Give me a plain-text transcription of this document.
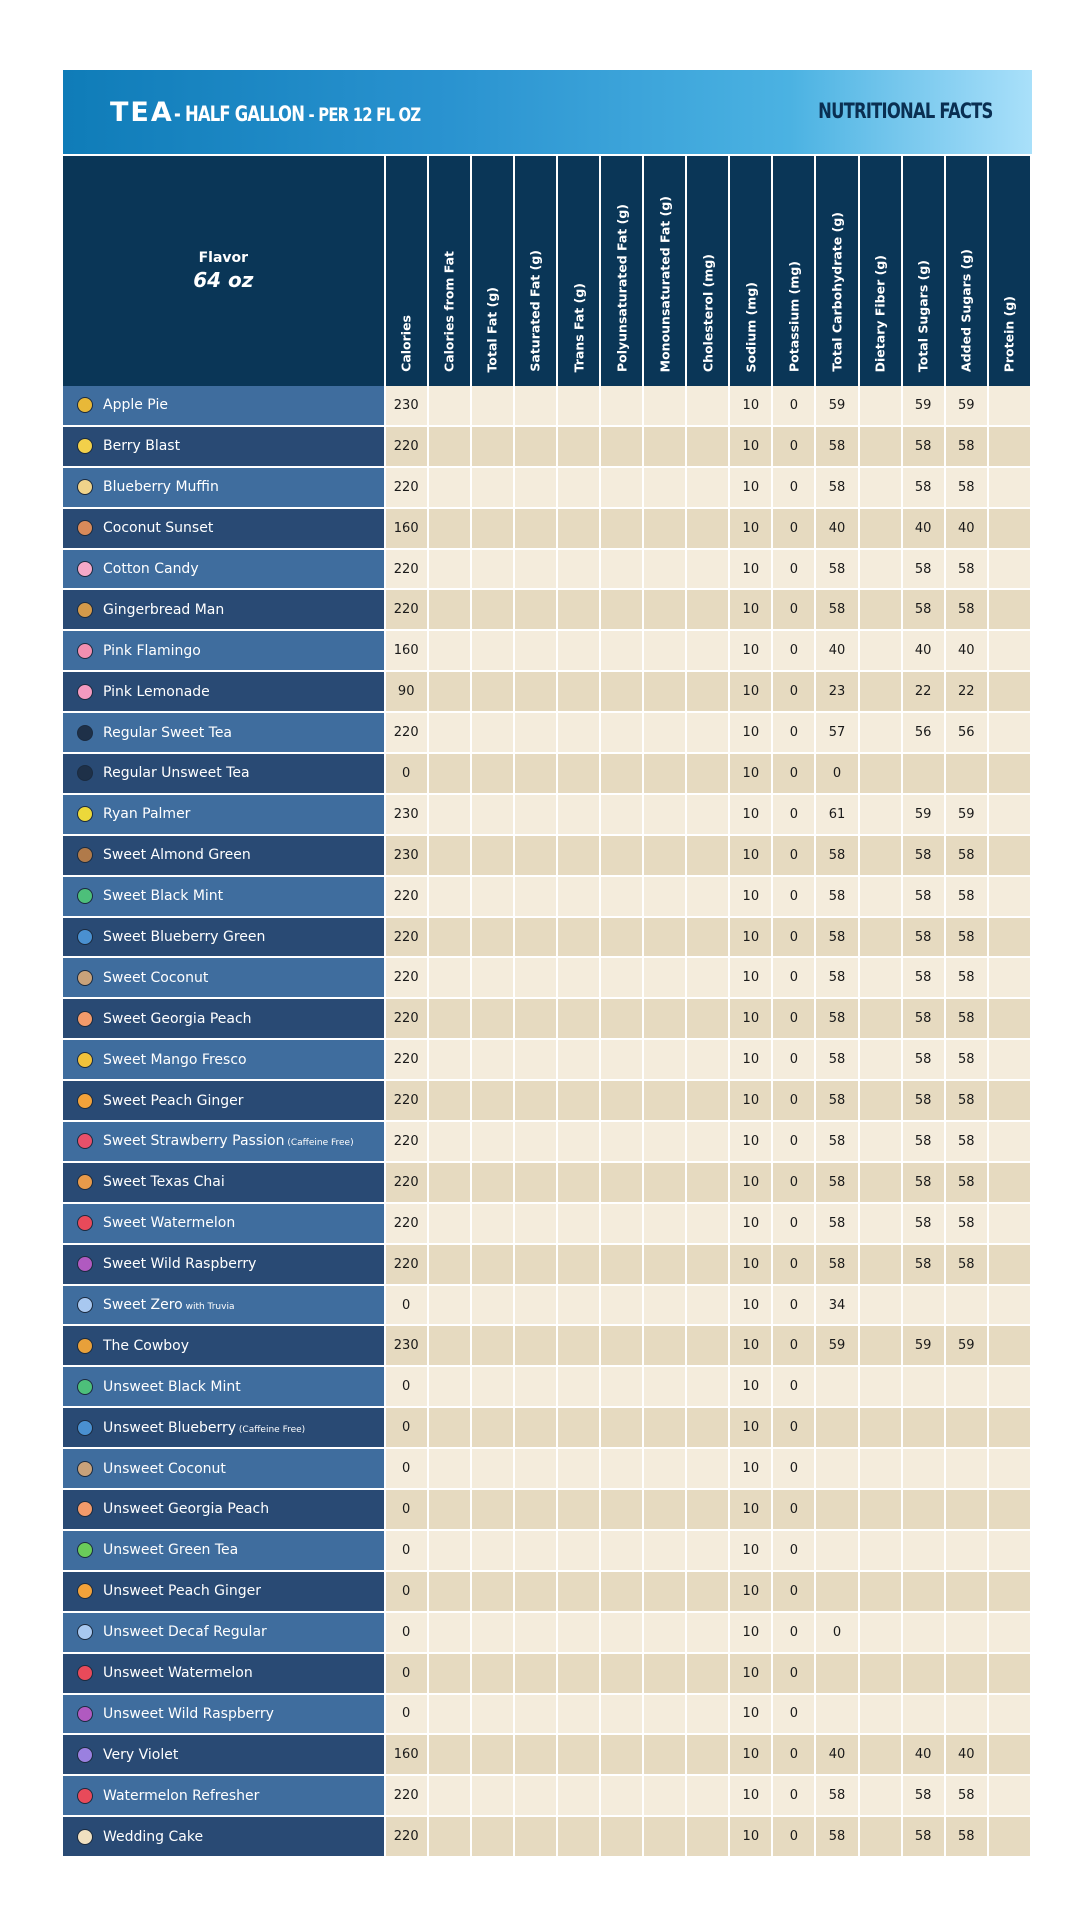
TEA- HALF GALLON - PER 12 FL OZ	NUTRITIONAL FACTS
Flavor
64 oz	Calories	Calories from Fat	Total Fat (g)	Saturated Fat (g)	Trans Fat (g)	Polyunsaturated Fat (g)	Monounsaturated Fat (g)	Cholesterol (mg)	Sodium (mg)	Potassium (mg)	Total Carbohydrate (g)	Dietary Fiber (g)	Total Sugars (g)	Added Sugars (g)	Protein (g)

Apple Pie	230								10	0	59		59	59	
Berry Blast	220								10	0	58		58	58	
Blueberry Muffin	220								10	0	58		58	58	
Coconut Sunset	160								10	0	40		40	40	
Cotton Candy	220								10	0	58		58	58	
Gingerbread Man	220								10	0	58		58	58	
Pink Flamingo	160								10	0	40		40	40	
Pink Lemonade	90								10	0	23		22	22	
Regular Sweet Tea	220								10	0	57		56	56	
Regular Unsweet Tea	0								10	0	0				
Ryan Palmer	230								10	0	61		59	59	
Sweet Almond Green	230								10	0	58		58	58	
Sweet Black Mint	220								10	0	58		58	58	
Sweet Blueberry Green	220								10	0	58		58	58	
Sweet Coconut	220								10	0	58		58	58	
Sweet Georgia Peach	220								10	0	58		58	58	
Sweet Mango Fresco	220								10	0	58		58	58	
Sweet Peach Ginger	220								10	0	58		58	58	
Sweet Strawberry Passion (Caffeine Free)	220								10	0	58		58	58	
Sweet Texas Chai	220								10	0	58		58	58	
Sweet Watermelon	220								10	0	58		58	58	
Sweet Wild Raspberry	220								10	0	58		58	58	
Sweet Zero with Truvia	0								10	0	34				
The Cowboy	230								10	0	59		59	59	
Unsweet Black Mint	0								10	0					
Unsweet Blueberry (Caffeine Free)	0								10	0					
Unsweet Coconut	0								10	0					
Unsweet Georgia Peach	0								10	0					
Unsweet Green Tea	0								10	0					
Unsweet Peach Ginger	0								10	0					
Unsweet Decaf Regular	0								10	0	0				
Unsweet Watermelon	0								10	0					
Unsweet Wild Raspberry	0								10	0					
Very Violet	160								10	0	40		40	40	
Watermelon Refresher	220								10	0	58		58	58	
Wedding Cake	220								10	0	58		58	58	
